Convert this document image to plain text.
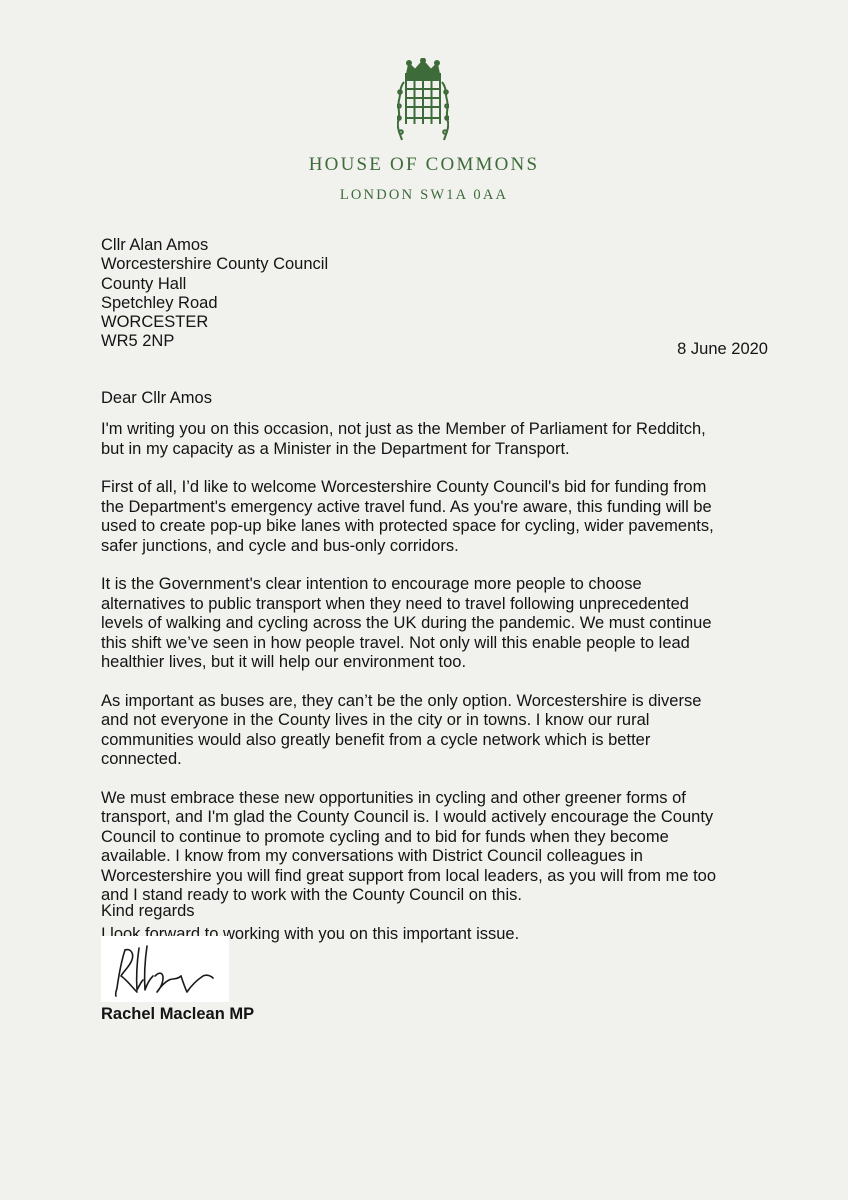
HOUSE OF COMMONS
LONDON SW1A 0AA
Cllr Alan Amos
Worcestershire County Council
County Hall
Spetchley Road
WORCESTER
WR5 2NP	8 June 2020
Dear Cllr Amos

I'm writing you on this occasion, not just as the Member of Parliament for Redditch,
but in my capacity as a Minister in the Department for Transport.

First of all, I’d like to welcome Worcestershire County Council's bid for funding from
the Department's emergency active travel fund. As you're aware, this funding will be
used to create pop-up bike lanes with protected space for cycling, wider pavements,
safer junctions, and cycle and bus-only corridors.

It is the Government's clear intention to encourage more people to choose
alternatives to public transport when they need to travel following unprecedented
levels of walking and cycling across the UK during the pandemic. We must continue
this shift we’ve seen in how people travel. Not only will this enable people to lead
healthier lives, but it will help our environment too.

As important as buses are, they can’t be the only option. Worcestershire is diverse
and not everyone in the County lives in the city or in towns. I know our rural
communities would also greatly benefit from a cycle network which is better
connected.

We must embrace these new opportunities in cycling and other greener forms of
transport, and I'm glad the County Council is. I would actively encourage the County
Council to continue to promote cycling and to bid for funds when they become
available. I know from my conversations with District Council colleagues in
Worcestershire you will find great support from local leaders, as you will from me too
and I stand ready to work with the County Council on this.

I look forward to working with you on this important issue.

Kind regards
Rachel Maclean MP
